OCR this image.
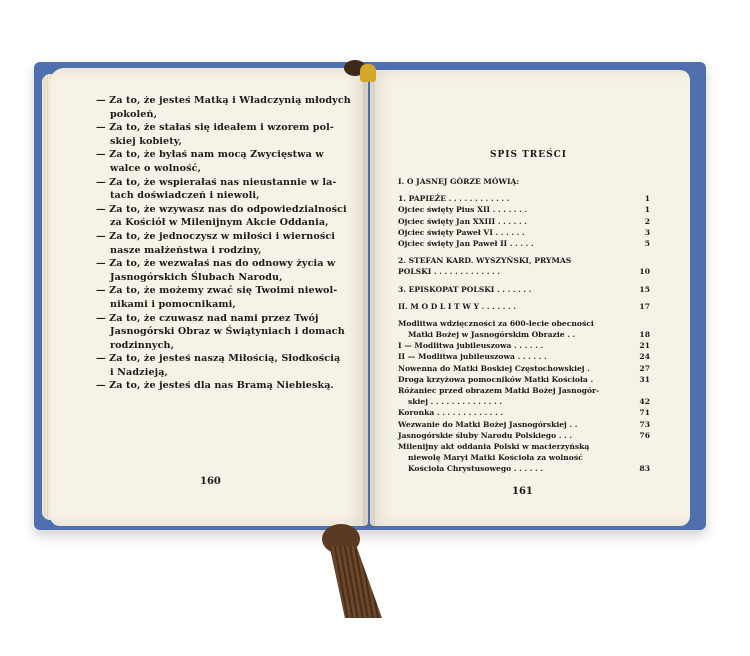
— Za to, że jesteś Matką i Władczynią młodych
pokoleń,
— Za to, że stałaś się ideałem i wzorem pol-
skiej kobiety,
— Za to, że byłaś nam mocą Zwycięstwa w
walce o wolność,
— Za to, że wspierałaś nas nieustannie w la-
tach doświadczeń i niewoli,
— Za to, że wzywasz nas do odpowiedzialności
za Kościół w Milenijnym Akcie Oddania,
— Za to, że jednoczysz w miłości i wierności
nasze małżeństwa i rodziny,
— Za to, że wezwałaś nas do odnowy życia w
Jasnogórskich Ślubach Narodu,
— Za to, że możemy zwać się Twoimi niewol-
nikami i pomocnikami,
— Za to, że czuwasz nad nami przez Twój
Jasnogórski Obraz w Świątyniach i domach
rodzinnych,
— Za to, że jesteś naszą Miłością, Słodkością
i Nadzieją,
— Za to, że jesteś dla nas Bramą Niebieską.
160
SPIS TREŚCI
I. O JASNEJ GÓRZE MÓWIĄ:
1. PAPIEŻE . . . . . . . . . . . .	1
Ojciec święty Pius XII . . . . . . .	1
Ojciec święty Jan XXIII . . . . . .	2
Ojciec święty Paweł VI . . . . . .	3
Ojciec święty Jan Paweł II . . . . .	5
2. STEFAN KARD. WYSZYŃSKI, PRYMAS
POLSKI . . . . . . . . . . . . .	10
3. EPISKOPAT POLSKI . . . . . . .	15
II. M O D L I T W Y . . . . . . .	17
Modlitwa wdzięczności za 600-lecie obecności
Matki Bożej w Jasnogórskim Obrazie . .	18
I — Modlitwa jubileuszowa . . . . . .	21
II — Modlitwa jubileuszowa . . . . . .	24
Nowenna do Matki Boskiej Częstochowskiej .	27
Droga krzyżowa pomocników Matki Kościoła .	31
Różaniec przed obrazem Matki Bożej Jasnogór-
skiej . . . . . . . . . . . . . .	42
Koronka . . . . . . . . . . . . .	71
Wezwanie do Matki Bożej Jasnogórskiej . .	73
Jasnogórskie śluby Narodu Polskiego . . .	76
Milenijny akt oddania Polski w macierzyńską
niewolę Maryi Matki Kościoła za wolność
Kościoła Chrystusowego . . . . . .	83
161
